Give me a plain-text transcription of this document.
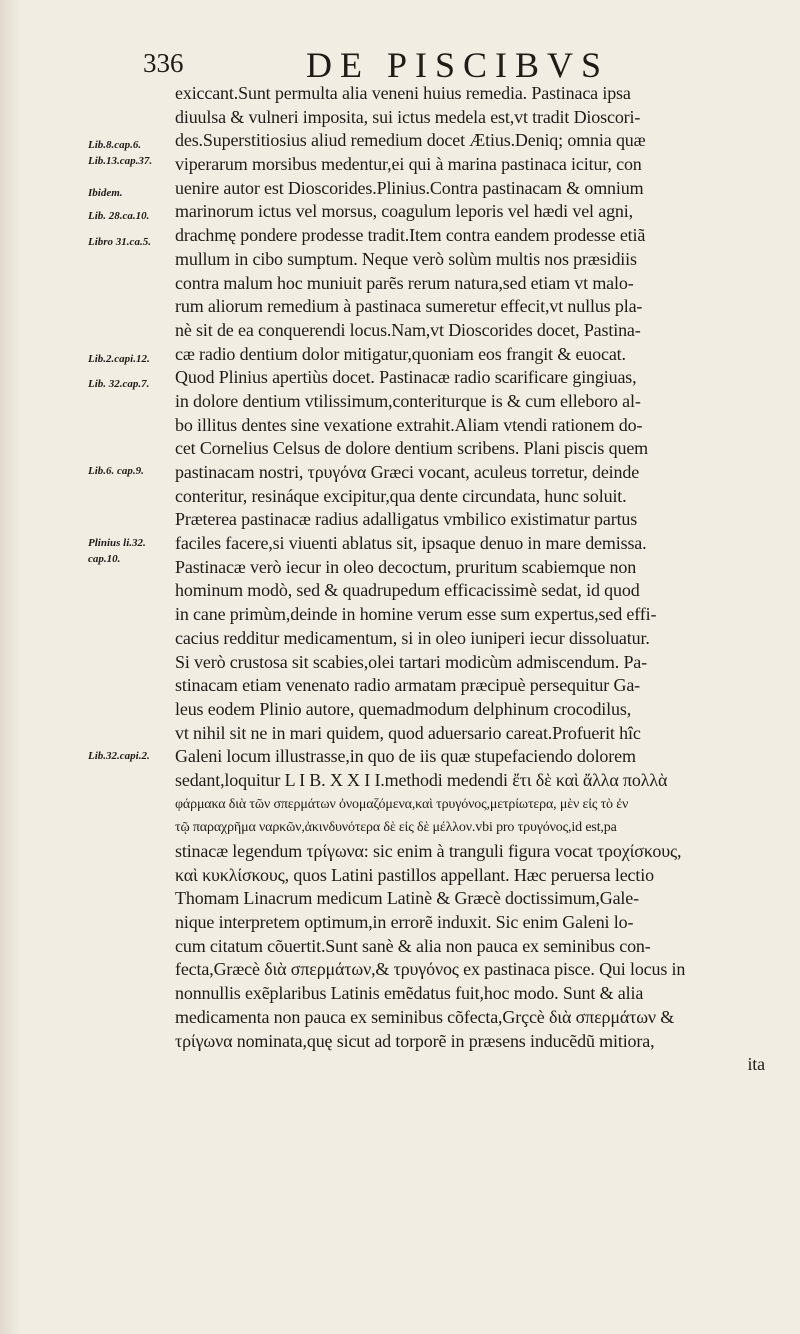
336	DE PISCIBVS
Lib.8.cap.6.
Lib.13.cap.37.
Ibidem.
Lib. 28.ca.10.
Libro 31.ca.5.
Lib.2.capi.12.
Lib. 32.cap.7.
Lib.6. cap.9.
Plinius li.32.
cap.10.
Lib.32.capi.2.
exiccant.Sunt permulta alia veneni huius remedia. Pastinaca ipsa
diuulsa & vulneri imposita, sui ictus medela est,vt tradit Dioscori-
des.Superstitiosius aliud remedium docet Ætius.Deniq; omnia quæ
viperarum morsibus medentur,ei qui à marina pastinaca icitur, con
uenire autor est Dioscorides.Plinius.Contra pastinacam & omnium
marinorum ictus vel morsus, coagulum leporis vel hædi vel agni,
drachmę pondere prodesse tradit.Item contra eandem prodesse etiã
mullum in cibo sumptum. Neque verò solùm multis nos præsidiis
contra malum hoc muniuit parẽs rerum natura,sed etiam vt malo-
rum aliorum remedium à pastinaca sumeretur effecit,vt nullus pla-
nè sit de ea conquerendi locus.Nam,vt Dioscorides docet, Pastina-
cæ radio dentium dolor mitigatur,quoniam eos frangit & euocat.
Quod Plinius apertiùs docet. Pastinacæ radio scarificare gingiuas,
in dolore dentium vtilissimum,conteriturque is & cum elleboro al-
bo illitus dentes sine vexatione extrahit.Aliam vtendi rationem do-
cet Cornelius Celsus de dolore dentium scribens. Plani piscis quem
pastinacam nostri, τρυγόνα Græci vocant, aculeus torretur, deinde
conteritur, resináque excipitur,qua dente circundata, hunc soluit.
Præterea pastinacæ radius adalligatus vmbilico existimatur partus
faciles facere,si viuenti ablatus sit, ipsaque denuo in mare demissa.
Pastinacæ verò iecur in oleo decoctum, pruritum scabiemque non
hominum modò, sed & quadrupedum efficacissimè sedat, id quod
in cane primùm,deinde in homine verum esse sum expertus,sed effi-
cacius redditur medicamentum, si in oleo iuniperi iecur dissoluatur.
Si verò crustosa sit scabies,olei tartari modicùm admiscendum. Pa-
stinacam etiam venenato radio armatam præcipuè persequitur Ga-
leus eodem Plinio autore, quemadmodum delphinum crocodilus,
vt nihil sit ne in mari quidem, quod aduersario careat.Profuerit hîc
Galeni locum illustrasse,in quo de iis quæ stupefaciendo dolorem
sedant,loquitur L I B. X X I I.methodi medendi ἔτι δὲ καὶ ἄλλα πολλὰ
φάρμακα διὰ τῶν σπερμάτων ὀνομαζόμενα,καὶ τρυγόνος,μετρίωτερα, μὲν εἰς τὸ ἐν
τῷ παραχρῆμα ναρκῶν,ἀκινδυνότερα δὲ εἰς δὲ μέλλον.vbi pro τρυγόνος,id est,pa
stinacæ legendum τρίγωνα: sic enim à tranguli figura vocat τροχίσκους,
καὶ κυκλίσκους, quos Latini pastillos appellant. Hæc peruersa lectio
Thomam Linacrum medicum Latinè & Græcè doctissimum,Gale-
nique interpretem optimum,in errorẽ induxit. Sic enim Galeni lo-
cum citatum cõuertit.Sunt sanè & alia non pauca ex seminibus con-
fecta,Græcè διὰ σπερμάτων,& τρυγόνος ex pastinaca pisce. Qui locus in
nonnullis exẽplaribus Latinis emẽdatus fuit,hoc modo. Sunt & alia
medicamenta non pauca ex seminibus cõfecta,Grçcè διὰ σπερμάτων &
τρίγωνα nominata,quę sicut ad torporẽ in præsens inducẽdũ mitiora,
ita
